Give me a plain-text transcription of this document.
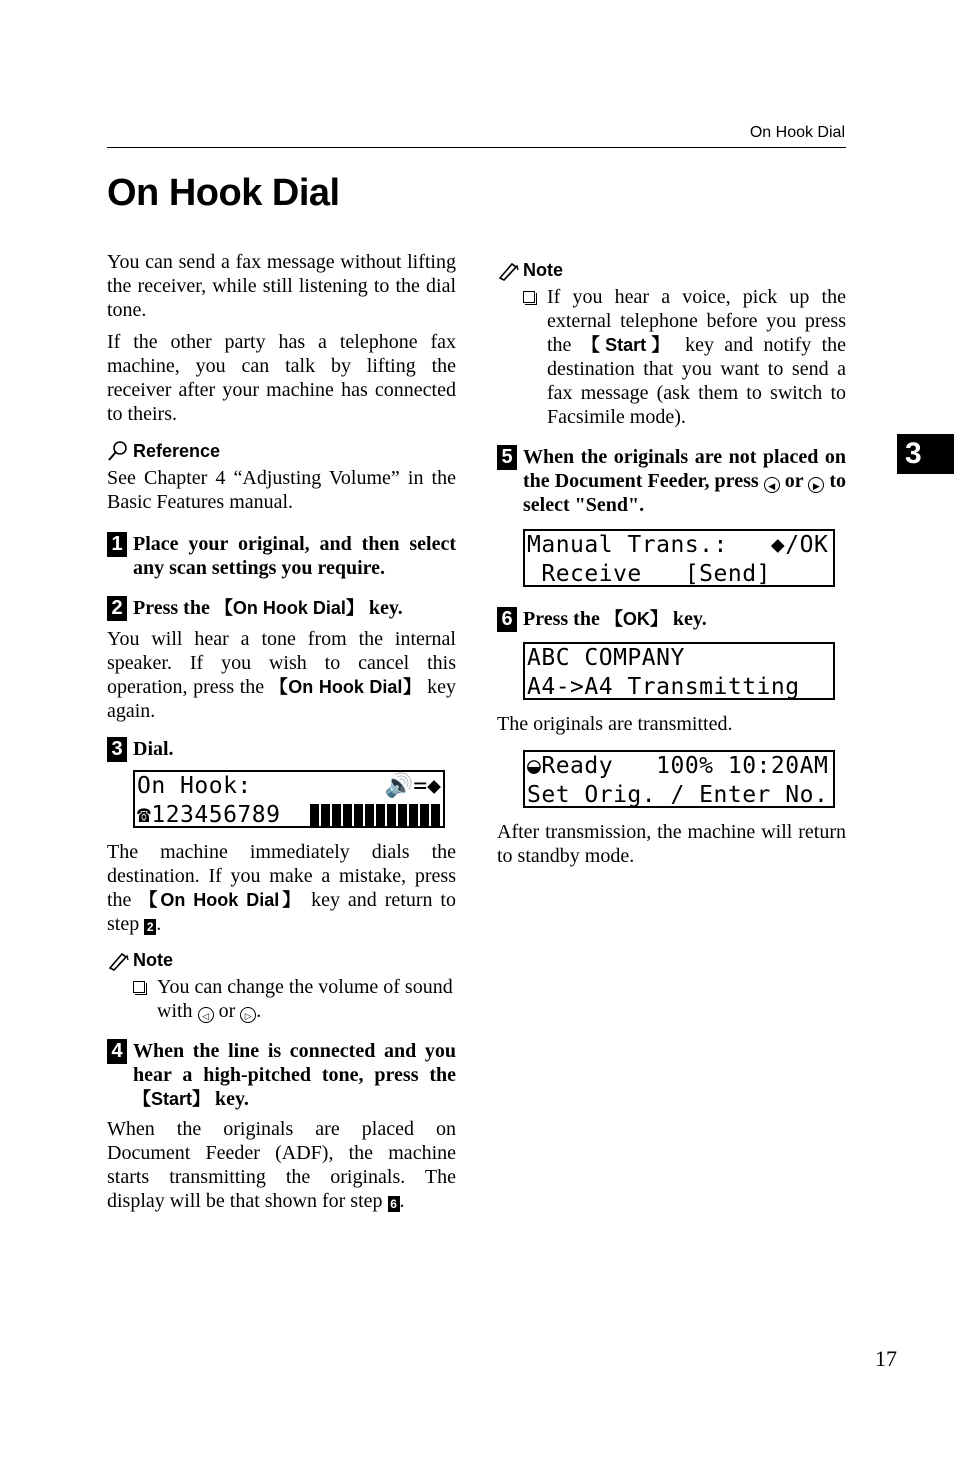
On Hook Dial
On Hook Dial
3

You can send a fax message without lifting the receiver, while still listening to the dial tone.

If the other party has a telephone fax machine, you can talk by lifting the receiver after your machine has connected to theirs.

Reference

See Chapter 4 “Adjusting Volume” in the Basic Features manual.

1 Place your original, and then select any scan settings you require.
2 Press the 【On Hook Dial】 key.

You will hear a tone from the internal speaker. If you wish to cancel this operation, press the 【On Hook Dial】 key again.

3 Dial.
On Hook:	🔊=◆
☎123456789

The machine immediately dials the destination. If you make a mistake, press the 【On Hook Dial】 key and return to step 2 .

Note
You can change the volume of sound with ◁ or ▷ .
4 When the line is connected and you hear a high-pitched tone, press the 【Start】 key.

When the originals are placed on Document Feeder (ADF), the machine starts transmitting the originals. The display will be that shown for step 6 .

Note
If you hear a voice, pick up the external telephone before you press the 【Start】 key and notify the destination that you want to send a fax message (ask them to switch to Facsimile mode).
5 When the originals are not placed on the Document Feeder, press ◀ or ▶ to select "Send".
Manual Trans.:   ◆/OK
Receive   [Send]
6 Press the 【OK】 key.
ABC COMPANY
A4->A4 Transmitting

The originals are transmitted.

◒Ready   100% 10:20AM
Set Orig. / Enter No.

After transmission, the machine will return to standby mode.

17
